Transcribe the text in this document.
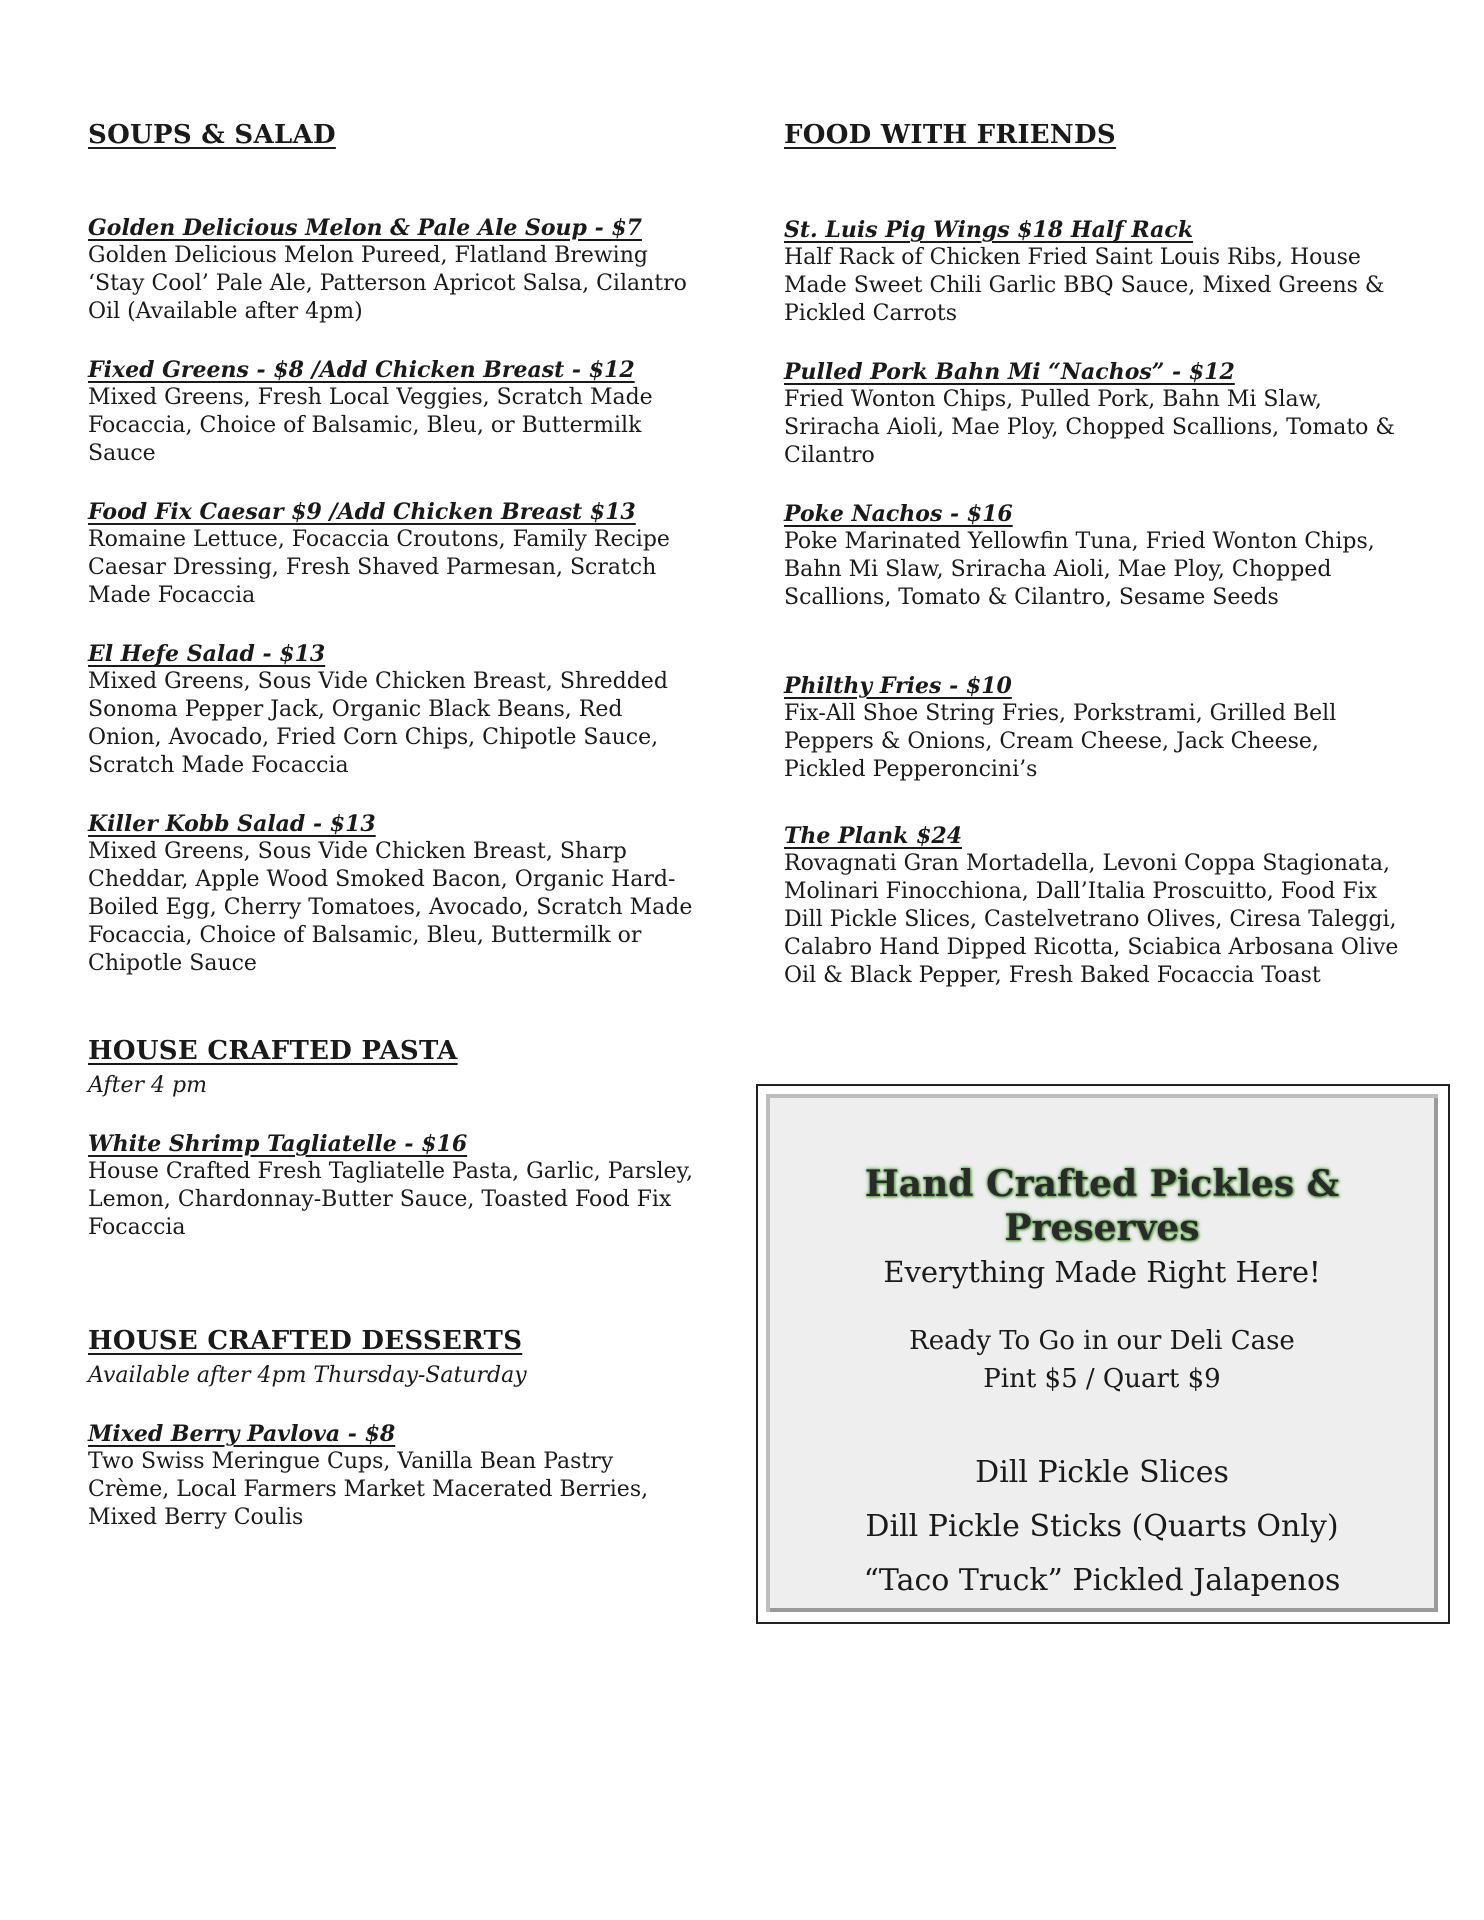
SOUPS & SALAD

Golden Delicious Melon & Pale Ale Soup - $7

Golden Delicious Melon Pureed, Flatland Brewing ‘Stay Cool’ Pale Ale, Patterson Apricot Salsa, Cilantro Oil (Available after 4pm)

Fixed Greens - $8 /Add Chicken Breast - $12

Mixed Greens, Fresh Local Veggies, Scratch Made Focaccia, Choice of Balsamic, Bleu, or Buttermilk Sauce

Food Fix Caesar $9 /Add Chicken Breast $13

Romaine Lettuce, Focaccia Croutons, Family Recipe Caesar Dressing, Fresh Shaved Parmesan, Scratch Made Focaccia

El Hefe Salad - $13

Mixed Greens, Sous Vide Chicken Breast, Shredded Sonoma Pepper Jack, Organic Black Beans, Red Onion, Avocado, Fried Corn Chips, Chipotle Sauce, Scratch Made Focaccia

Killer Kobb Salad - $13

Mixed Greens, Sous Vide Chicken Breast, Sharp Cheddar, Apple Wood Smoked Bacon, Organic Hard-Boiled Egg, Cherry Tomatoes, Avocado, Scratch Made Focaccia, Choice of Balsamic, Bleu, Buttermilk or Chipotle Sauce

HOUSE CRAFTED PASTA
After 4 pm

White Shrimp Tagliatelle - $16

House Crafted Fresh Tagliatelle Pasta, Garlic, Parsley, Lemon, Chardonnay-Butter Sauce, Toasted Food Fix Focaccia

HOUSE CRAFTED DESSERTS
Available after 4pm Thursday-Saturday

Mixed Berry Pavlova - $8

Two Swiss Meringue Cups, Vanilla Bean Pastry Crème, Local Farmers Market Macerated Berries, Mixed Berry Coulis

FOOD WITH FRIENDS

St. Luis Pig Wings $18 Half Rack

Half Rack of Chicken Fried Saint Louis Ribs, House Made Sweet Chili Garlic BBQ Sauce, Mixed Greens & Pickled Carrots

Pulled Pork Bahn Mi “Nachos” - $12

Fried Wonton Chips, Pulled Pork, Bahn Mi Slaw, Sriracha Aioli, Mae Ploy, Chopped Scallions, Tomato & Cilantro

Poke Nachos - $16

Poke Marinated Yellowfin Tuna, Fried Wonton Chips, Bahn Mi Slaw, Sriracha Aioli, Mae Ploy, Chopped Scallions, Tomato & Cilantro, Sesame Seeds

Philthy Fries - $10

Fix-All Shoe String Fries, Porkstrami, Grilled Bell Peppers & Onions, Cream Cheese, Jack Cheese, Pickled Pepperoncini’s

The Plank $24

Rovagnati Gran Mortadella, Levoni Coppa Stagionata, Molinari Finocchiona, Dall’Italia Proscuitto, Food Fix Dill Pickle Slices, Castelvetrano Olives, Ciresa Taleggi, Calabro Hand Dipped Ricotta, Sciabica Arbosana Olive Oil & Black Pepper, Fresh Baked Focaccia Toast

Hand Crafted Pickles & Preserves
Everything Made Right Here!
Ready To Go in our Deli Case
Pint $5 / Quart $9
Dill Pickle Slices
Dill Pickle Sticks (Quarts Only)
“Taco Truck” Pickled Jalapenos
